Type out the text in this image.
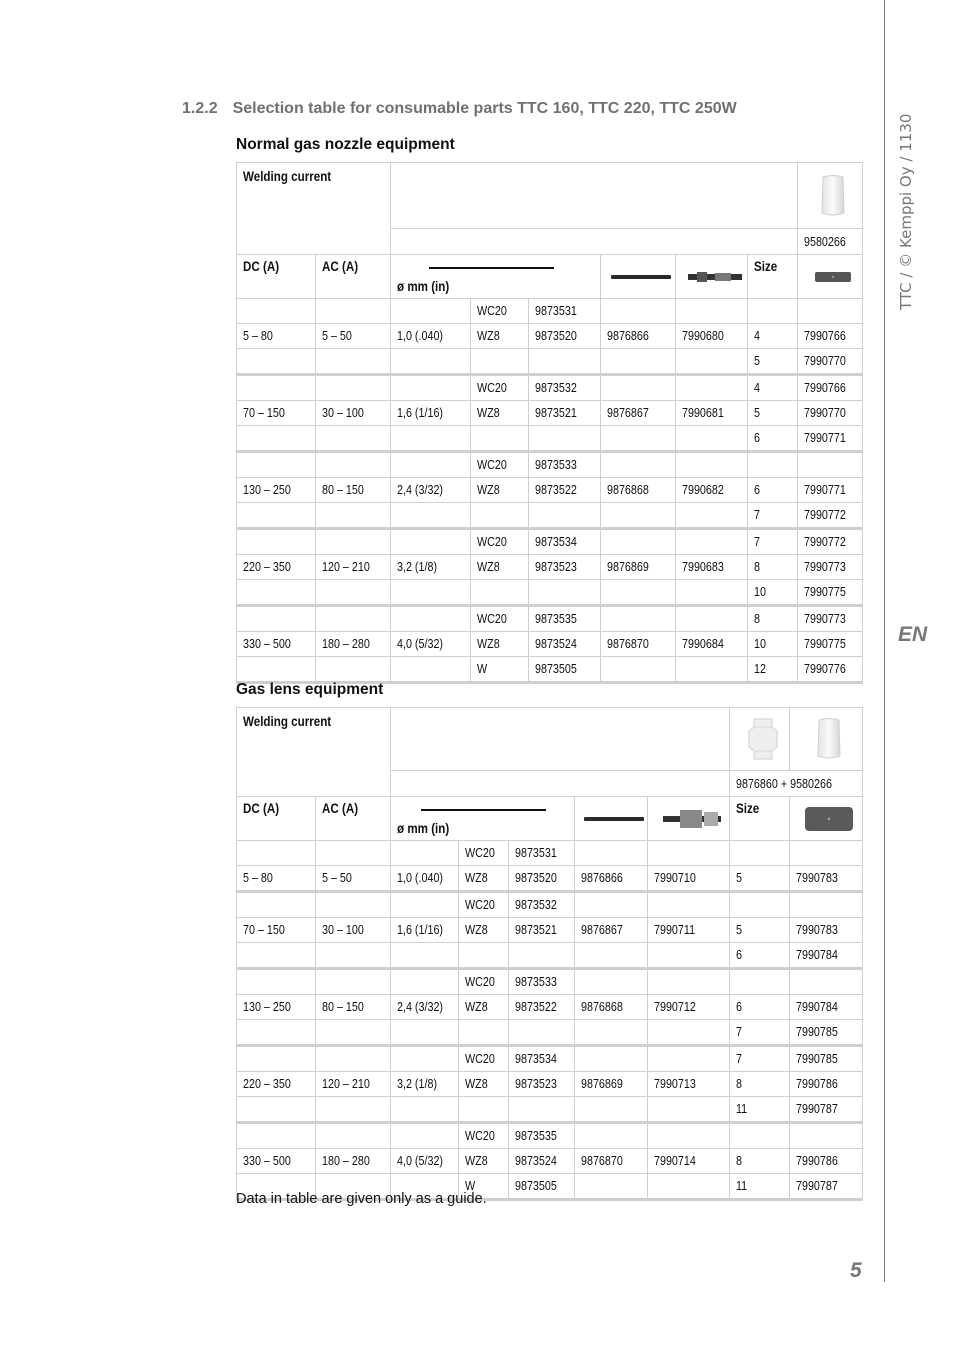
TTC / © Kemppi Oy / 1130
EN
5
1.2.2 Selection table for consumable parts TTC 160, TTC 220, TTC 250W
Normal gas nozzle equipment
Welding current		

								9580266
DC (A)	AC (A)	ø mm (in)					Size	

			WC20	9873531				
5 – 80	5 – 50	1,0 (.040)	WZ8	9873520	9876866	7990680	4	7990766
							5	7990770
			WC20	9873532			4	7990766
70 – 150	30 – 100	1,6 (1/16)	WZ8	9873521	9876867	7990681	5	7990770
							6	7990771
			WC20	9873533				
130 – 250	80 – 150	2,4 (3/32)	WZ8	9873522	9876868	7990682	6	7990771
							7	7990772
			WC20	9873534			7	7990772
220 – 350	120 – 210	3,2 (1/8)	WZ8	9873523	9876869	7990683	8	7990773
							10	7990775
			WC20	9873535			8	7990773
330 – 500	180 – 280	4,0 (5/32)	WZ8	9873524	9876870	7990684	10	7990775
			W	9873505			12	7990776
Gas lens equipment
Welding current		

							9876860 + 9580266	
DC (A)	AC (A)	ø mm (in)					Size	

			WC20	9873531				
5 – 80	5 – 50	1,0 (.040)	WZ8	9873520	9876866	7990710	5	7990783
			WC20	9873532				
70 – 150	30 – 100	1,6 (1/16)	WZ8	9873521	9876867	7990711	5	7990783
							6	7990784
			WC20	9873533				
130 – 250	80 – 150	2,4 (3/32)	WZ8	9873522	9876868	7990712	6	7990784
							7	7990785
			WC20	9873534			7	7990785
220 – 350	120 – 210	3,2 (1/8)	WZ8	9873523	9876869	7990713	8	7990786
							11	7990787
			WC20	9873535				
330 – 500	180 – 280	4,0 (5/32)	WZ8	9873524	9876870	7990714	8	7990786
			W	9873505			11	7990787
Data in table are given only as a guide.
